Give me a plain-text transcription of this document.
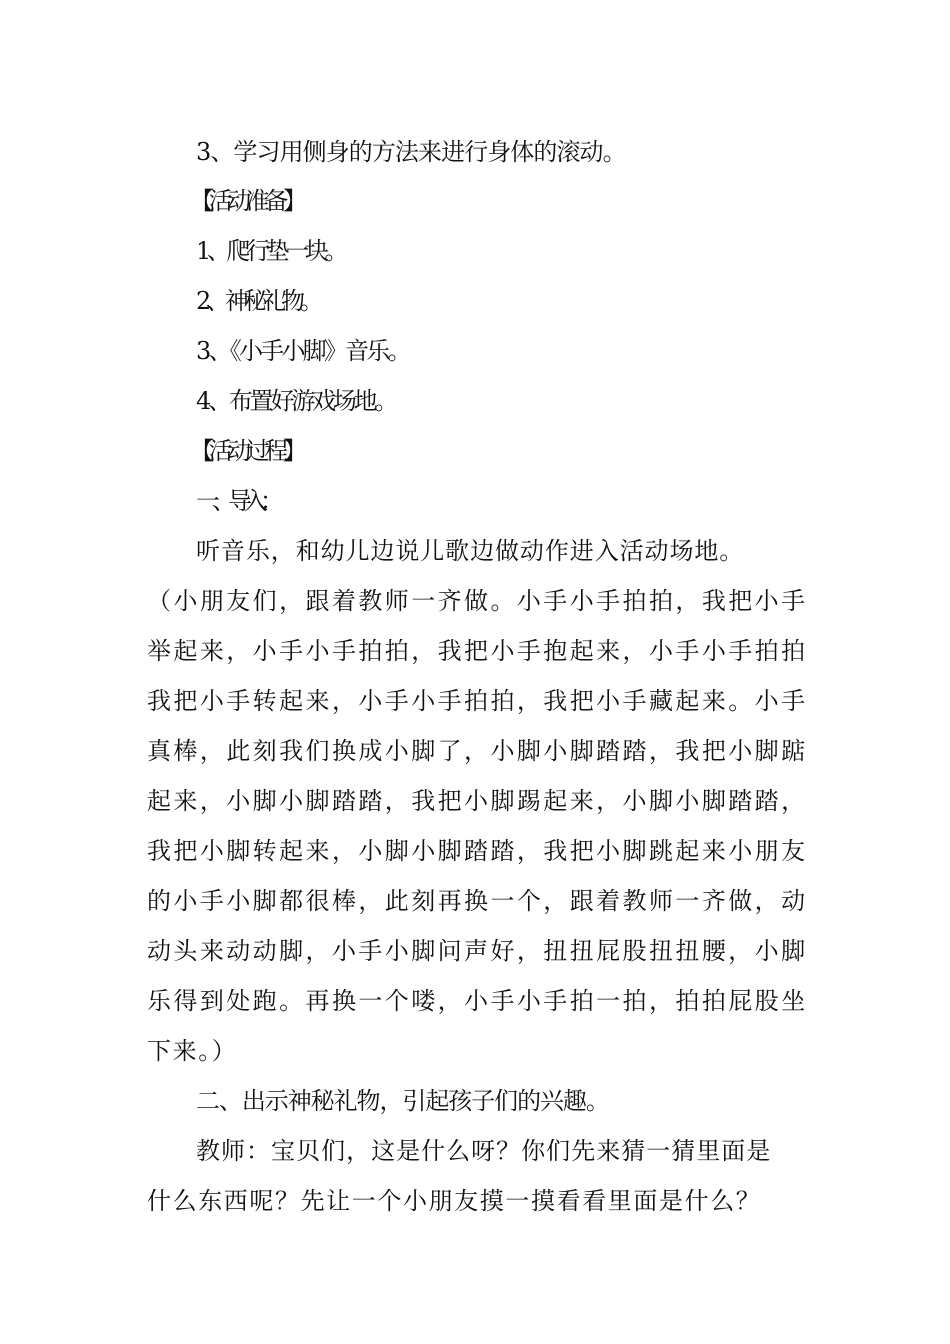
3、学习用侧身的方法来进行身体的滚动。
【活动准备】
1、爬行垫一块。
2、神秘礼物。
3、《小手小脚》音乐。
4、布置好游戏场地。
【活动过程】
一、导入：
听音乐，和幼儿边说儿歌边做动作进入活动场地。
（小朋友们，跟着教师一齐做。小手小手拍拍，我把小手
举起来，小手小手拍拍，我把小手抱起来，小手小手拍拍
我把小手转起来，小手小手拍拍，我把小手藏起来。小手
真棒，此刻我们换成小脚了，小脚小脚踏踏，我把小脚踮
起来，小脚小脚踏踏，我把小脚踢起来，小脚小脚踏踏，
我把小脚转起来，小脚小脚踏踏，我把小脚跳起来小朋友
的小手小脚都很棒，此刻再换一个，跟着教师一齐做，动
动头来动动脚，小手小脚问声好，扭扭屁股扭扭腰，小脚
乐得到处跑。再换一个喽，小手小手拍一拍，拍拍屁股坐
下来。）
二、出示神秘礼物，引起孩子们的兴趣。
教师：宝贝们，这是什么呀？你们先来猜一猜里面是
什么东西呢？先让一个小朋友摸一摸看看里面是什么？
